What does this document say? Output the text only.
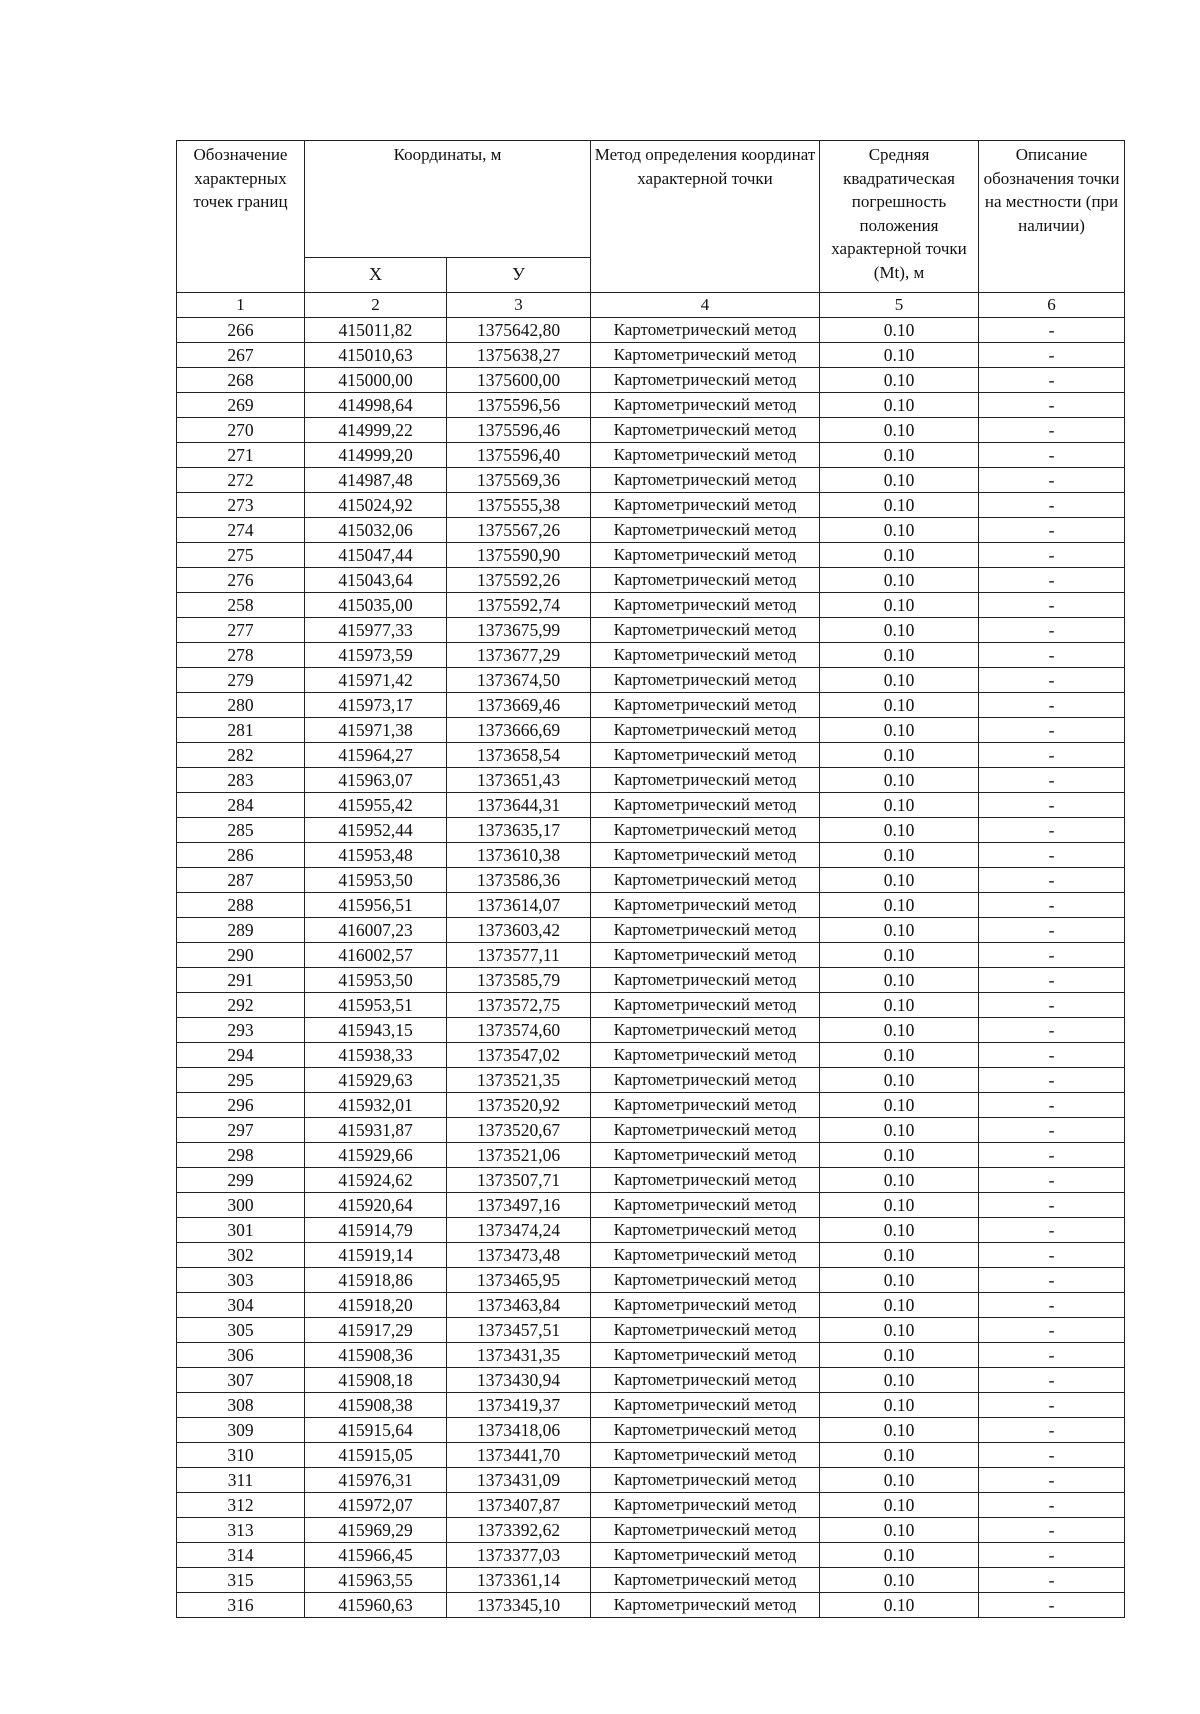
Обозначение характерных точек границ	Координаты, м		Метод определения координат характерной точки	Средняя квадратическая погрешность положения характерной точки (Mt), м	Описание обозначения точки на местности (при наличии)
	X	У			
1	2	3	4	5	6
266	415011,82	1375642,80	Картометрический метод	0.10	-
267	415010,63	1375638,27	Картометрический метод	0.10	-
268	415000,00	1375600,00	Картометрический метод	0.10	-
269	414998,64	1375596,56	Картометрический метод	0.10	-
270	414999,22	1375596,46	Картометрический метод	0.10	-
271	414999,20	1375596,40	Картометрический метод	0.10	-
272	414987,48	1375569,36	Картометрический метод	0.10	-
273	415024,92	1375555,38	Картометрический метод	0.10	-
274	415032,06	1375567,26	Картометрический метод	0.10	-
275	415047,44	1375590,90	Картометрический метод	0.10	-
276	415043,64	1375592,26	Картометрический метод	0.10	-
258	415035,00	1375592,74	Картометрический метод	0.10	-
277	415977,33	1373675,99	Картометрический метод	0.10	-
278	415973,59	1373677,29	Картометрический метод	0.10	-
279	415971,42	1373674,50	Картометрический метод	0.10	-
280	415973,17	1373669,46	Картометрический метод	0.10	-
281	415971,38	1373666,69	Картометрический метод	0.10	-
282	415964,27	1373658,54	Картометрический метод	0.10	-
283	415963,07	1373651,43	Картометрический метод	0.10	-
284	415955,42	1373644,31	Картометрический метод	0.10	-
285	415952,44	1373635,17	Картометрический метод	0.10	-
286	415953,48	1373610,38	Картометрический метод	0.10	-
287	415953,50	1373586,36	Картометрический метод	0.10	-
288	415956,51	1373614,07	Картометрический метод	0.10	-
289	416007,23	1373603,42	Картометрический метод	0.10	-
290	416002,57	1373577,11	Картометрический метод	0.10	-
291	415953,50	1373585,79	Картометрический метод	0.10	-
292	415953,51	1373572,75	Картометрический метод	0.10	-
293	415943,15	1373574,60	Картометрический метод	0.10	-
294	415938,33	1373547,02	Картометрический метод	0.10	-
295	415929,63	1373521,35	Картометрический метод	0.10	-
296	415932,01	1373520,92	Картометрический метод	0.10	-
297	415931,87	1373520,67	Картометрический метод	0.10	-
298	415929,66	1373521,06	Картометрический метод	0.10	-
299	415924,62	1373507,71	Картометрический метод	0.10	-
300	415920,64	1373497,16	Картометрический метод	0.10	-
301	415914,79	1373474,24	Картометрический метод	0.10	-
302	415919,14	1373473,48	Картометрический метод	0.10	-
303	415918,86	1373465,95	Картометрический метод	0.10	-
304	415918,20	1373463,84	Картометрический метод	0.10	-
305	415917,29	1373457,51	Картометрический метод	0.10	-
306	415908,36	1373431,35	Картометрический метод	0.10	-
307	415908,18	1373430,94	Картометрический метод	0.10	-
308	415908,38	1373419,37	Картометрический метод	0.10	-
309	415915,64	1373418,06	Картометрический метод	0.10	-
310	415915,05	1373441,70	Картометрический метод	0.10	-
311	415976,31	1373431,09	Картометрический метод	0.10	-
312	415972,07	1373407,87	Картометрический метод	0.10	-
313	415969,29	1373392,62	Картометрический метод	0.10	-
314	415966,45	1373377,03	Картометрический метод	0.10	-
315	415963,55	1373361,14	Картометрический метод	0.10	-
316	415960,63	1373345,10	Картометрический метод	0.10	-
